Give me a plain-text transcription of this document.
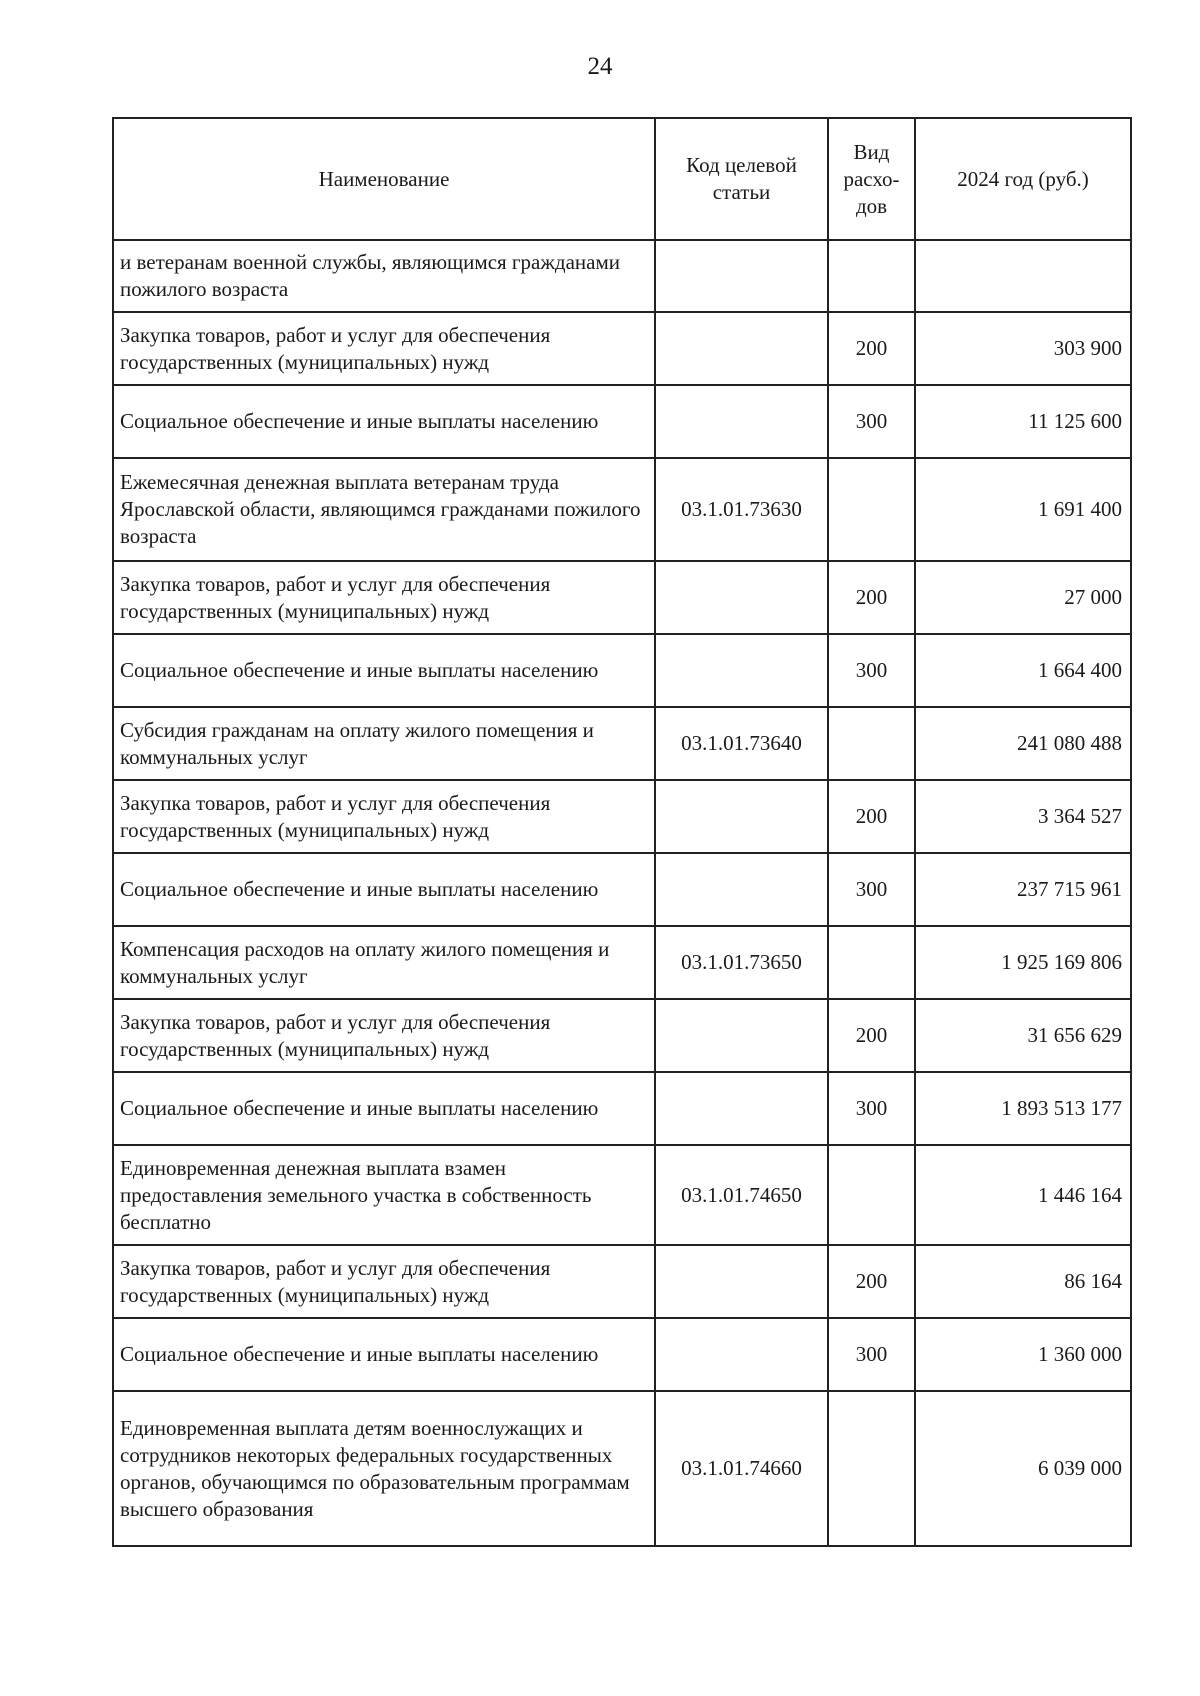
24
Наименование	Код целевой статьи	Вид расхо-дов	2024 год (руб.)
и ветеранам военной службы, являющимся гражданами пожилого возраста			
Закупка товаров, работ и услуг для обеспечения государственных (муниципальных) нужд		200	303 900
Социальное обеспечение и иные выплаты населению		300	11 125 600
Ежемесячная денежная выплата ветеранам труда Ярославской области, являющимся гражданами пожилого возраста	03.1.01.73630		1 691 400
Закупка товаров, работ и услуг для обеспечения государственных (муниципальных) нужд		200	27 000
Социальное обеспечение и иные выплаты населению		300	1 664 400
Субсидия гражданам на оплату жилого помещения и коммунальных услуг	03.1.01.73640		241 080 488
Закупка товаров, работ и услуг для обеспечения государственных (муниципальных) нужд		200	3 364 527
Социальное обеспечение и иные выплаты населению		300	237 715 961
Компенсация расходов на оплату жилого помещения и коммунальных услуг	03.1.01.73650		1 925 169 806
Закупка товаров, работ и услуг для обеспечения государственных (муниципальных) нужд		200	31 656 629
Социальное обеспечение и иные выплаты населению		300	1 893 513 177
Единовременная денежная выплата взамен предоставления земельного участка в собственность бесплатно	03.1.01.74650		1 446 164
Закупка товаров, работ и услуг для обеспечения государственных (муниципальных) нужд		200	86 164
Социальное обеспечение и иные выплаты населению		300	1 360 000
Единовременная выплата детям военнослужащих и сотрудников некоторых федеральных государственных органов, обучающимся по образовательным программам высшего образования	03.1.01.74660		6 039 000
